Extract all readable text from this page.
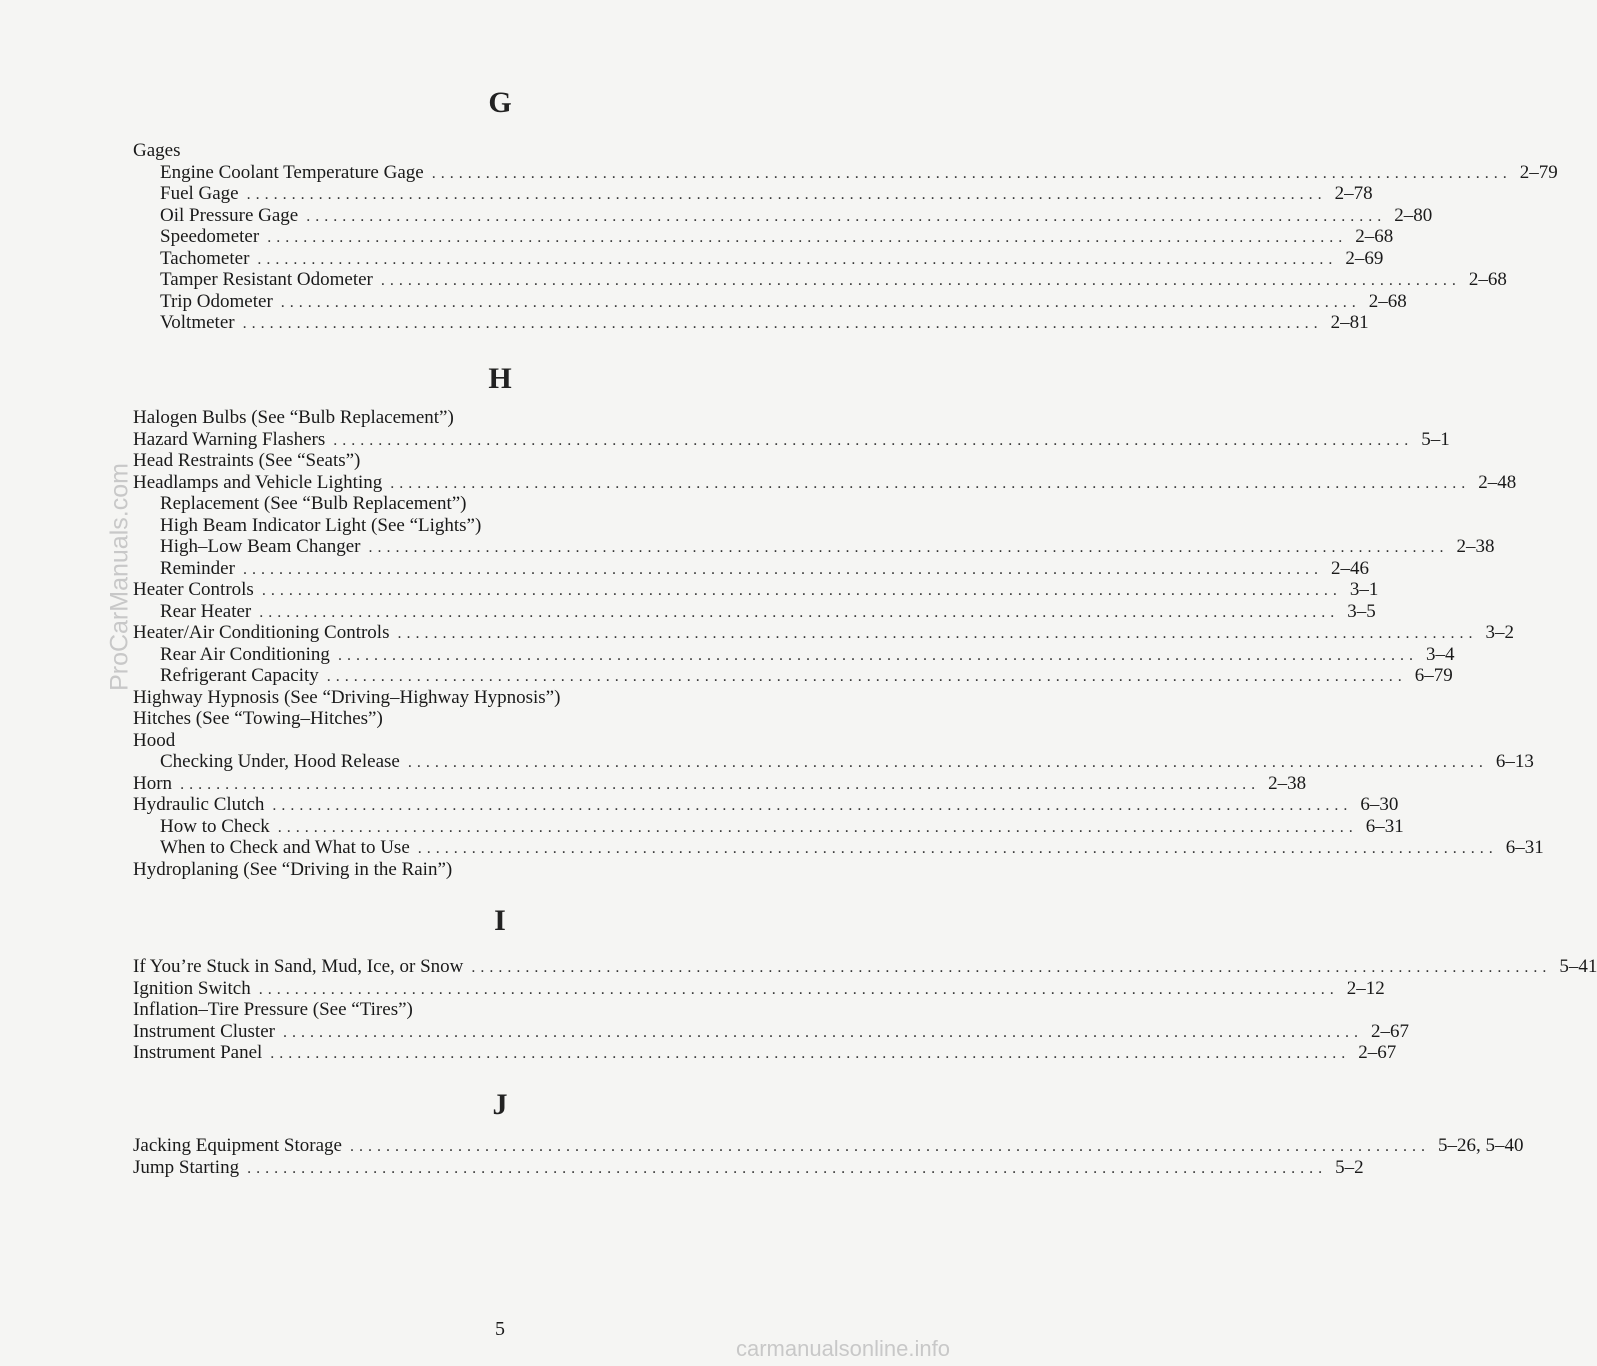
G
Gages
Engine Coolant Temperature Gage ........................................................................................................................ 2–79
Fuel Gage ........................................................................................................................ 2–78
Oil Pressure Gage ........................................................................................................................ 2–80
Speedometer ........................................................................................................................ 2–68
Tachometer ........................................................................................................................ 2–69
Tamper Resistant Odometer ........................................................................................................................ 2–68
Trip Odometer ........................................................................................................................ 2–68
Voltmeter ........................................................................................................................ 2–81
H
Halogen Bulbs (See “Bulb Replacement”)
Hazard Warning Flashers ........................................................................................................................ 5–1
Head Restraints (See “Seats”)
Headlamps and Vehicle Lighting ........................................................................................................................ 2–48
Replacement (See “Bulb Replacement”)
High Beam Indicator Light (See “Lights”)
High–Low Beam Changer ........................................................................................................................ 2–38
Reminder ........................................................................................................................ 2–46
Heater Controls ........................................................................................................................ 3–1
Rear Heater ........................................................................................................................ 3–5
Heater/Air Conditioning Controls ........................................................................................................................ 3–2
Rear Air Conditioning ........................................................................................................................ 3–4
Refrigerant Capacity ........................................................................................................................ 6–79
Highway Hypnosis (See “Driving–Highway Hypnosis”)
Hitches (See “Towing–Hitches”)
Hood
Checking Under, Hood Release ........................................................................................................................ 6–13
Horn ........................................................................................................................ 2–38
Hydraulic Clutch ........................................................................................................................ 6–30
How to Check ........................................................................................................................ 6–31
When to Check and What to Use ........................................................................................................................ 6–31
Hydroplaning (See “Driving in the Rain”)
I
If You’re Stuck in Sand, Mud, Ice, or Snow ........................................................................................................................ 5–41
Ignition Switch ........................................................................................................................ 2–12
Inflation–Tire Pressure (See “Tires”)
Instrument Cluster ........................................................................................................................ 2–67
Instrument Panel ........................................................................................................................ 2–67
J
Jacking Equipment Storage ........................................................................................................................ 5–26, 5–40
Jump Starting ........................................................................................................................ 5–2
5
ProCarManuals.com
carmanualsonline.info
